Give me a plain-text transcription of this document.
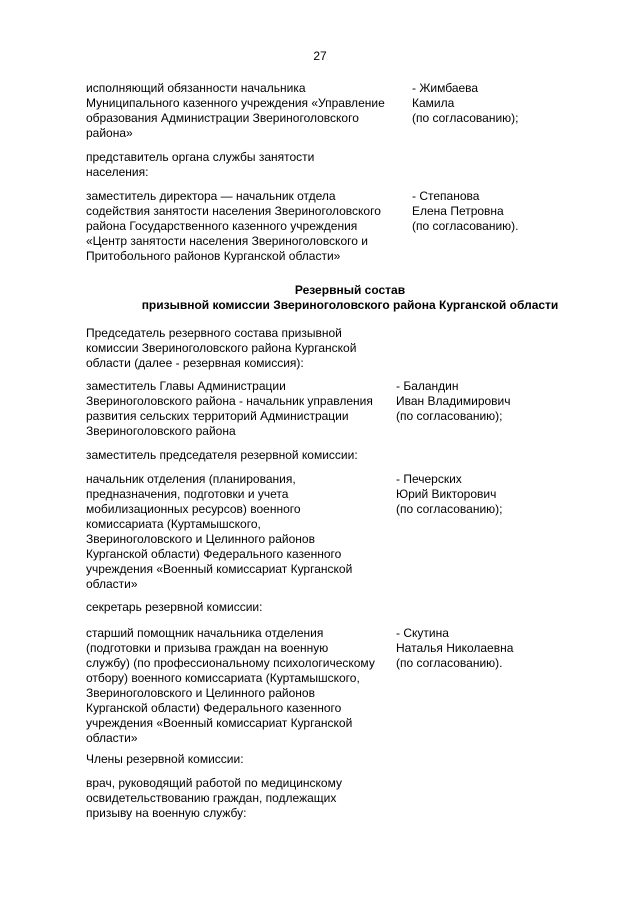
27
исполняющий обязанности начальника
Муниципального казенного учреждения «Управление
образования Администрации Звериноголовского
района»
- Жимбаева
Камила
(по согласованию);
представитель органа службы занятости
населения:
заместитель директора — начальник отдела
содействия занятости населения Звериноголовского
района Государственного казенного учреждения
«Центр занятости населения Звериноголовского и
Притобольного районов Курганской области»
- Степанова
Елена Петровна
(по согласованию).
Резервный состав
призывной комиссии Звериноголовского района Курганской области
Председатель резервного состава призывной
комиссии Звериноголовского района Курганской
области (далее - резервная комиссия):
заместитель Главы Администрации
Звериноголовского района - начальник управления
развития сельских территорий Администрации
Звериноголовского района
- Баландин
Иван Владимирович
(по согласованию);
заместитель председателя резервной комиссии:
начальник отделения (планирования,
предназначения, подготовки и учета
мобилизационных ресурсов) военного
комиссариата (Куртамышского,
Звериноголовского и Целинного районов
Курганской области) Федерального казенного
учреждения «Военный комиссариат Курганской
области»
- Печерских
Юрий Викторович
(по согласованию);
секретарь резервной комиссии:
старший помощник начальника отделения
(подготовки и призыва граждан на военную
службу) (по профессиональному психологическому
отбору) военного комиссариата (Куртамышского,
Звериноголовского и Целинного районов
Курганской области) Федерального казенного
учреждения «Военный комиссариат Курганской
области»
- Скутина
Наталья Николаевна
(по согласованию).
Члены резервной комиссии:
врач, руководящий работой по медицинскому
освидетельствованию граждан, подлежащих
призыву на военную службу:
